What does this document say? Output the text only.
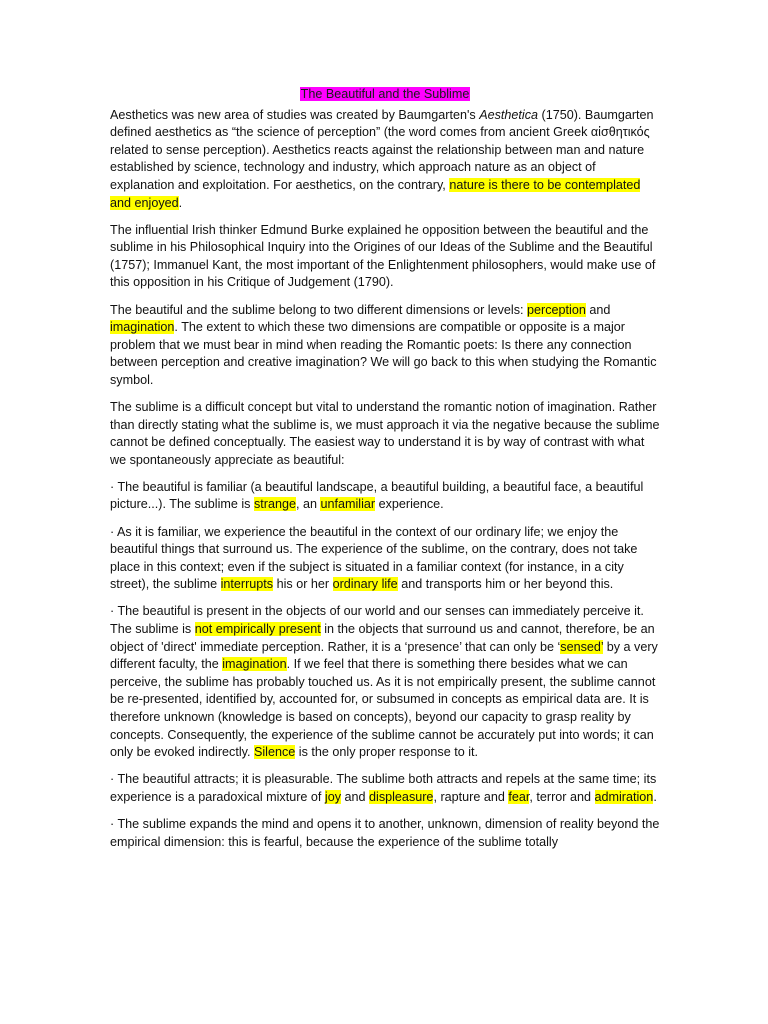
The Beautiful and the Sublime

Aesthetics was new area of studies was created by Baumgarten's Aesthetica (1750). Baumgarten defined aesthetics as “the science of perception” (the word comes from ancient Greek αἰσθητικός related to sense perception). Aesthetics reacts against the relationship between man and nature established by science, technology and industry, which approach nature as an object of explanation and exploitation. For aesthetics, on the contrary, nature is there to be contemplated and enjoyed.

The influential Irish thinker Edmund Burke explained he opposition between the beautiful and the sublime in his Philosophical Inquiry into the Origines of our Ideas of the Sublime and the Beautiful (1757); Immanuel Kant, the most important of the Enlightenment philosophers, would make use of this opposition in his Critique of Judgement (1790).

The beautiful and the sublime belong to two different dimensions or levels: perception and imagination. The extent to which these two dimensions are compatible or opposite is a major problem that we must bear in mind when reading the Romantic poets: Is there any connection between perception and creative imagination? We will go back to this when studying the Romantic symbol.

The sublime is a difficult concept but vital to understand the romantic notion of imagination. Rather than directly stating what the sublime is, we must approach it via the negative because the sublime cannot be defined conceptually. The easiest way to understand it is by way of contrast with what we spontaneously appreciate as beautiful:

· The beautiful is familiar (a beautiful landscape, a beautiful building, a beautiful face, a beautiful picture...). The sublime is strange, an unfamiliar experience.

· As it is familiar, we experience the beautiful in the context of our ordinary life; we enjoy the beautiful things that surround us. The experience of the sublime, on the contrary, does not take place in this context; even if the subject is situated in a familiar context (for instance, in a city street), the sublime interrupts his or her ordinary life and transports him or her beyond this.

· The beautiful is present in the objects of our world and our senses can immediately perceive it. The sublime is not empirically present in the objects that surround us and cannot, therefore, be an object of 'direct' immediate perception. Rather, it is a ‘presence’ that can only be ‘sensed’ by a very different faculty, the imagination. If we feel that there is something there besides what we can perceive, the sublime has probably touched us. As it is not empirically present, the sublime cannot be re-presented, identified by, accounted for, or subsumed in concepts as empirical data are. It is therefore unknown (knowledge is based on concepts), beyond our capacity to grasp reality by concepts. Consequently, the experience of the sublime cannot be accurately put into words; it can only be evoked indirectly. Silence is the only proper response to it.

· The beautiful attracts; it is pleasurable. The sublime both attracts and repels at the same time; its experience is a paradoxical mixture of joy and displeasure, rapture and fear, terror and admiration.

· The sublime expands the mind and opens it to another, unknown, dimension of reality beyond the empirical dimension: this is fearful, because the experience of the sublime totally
